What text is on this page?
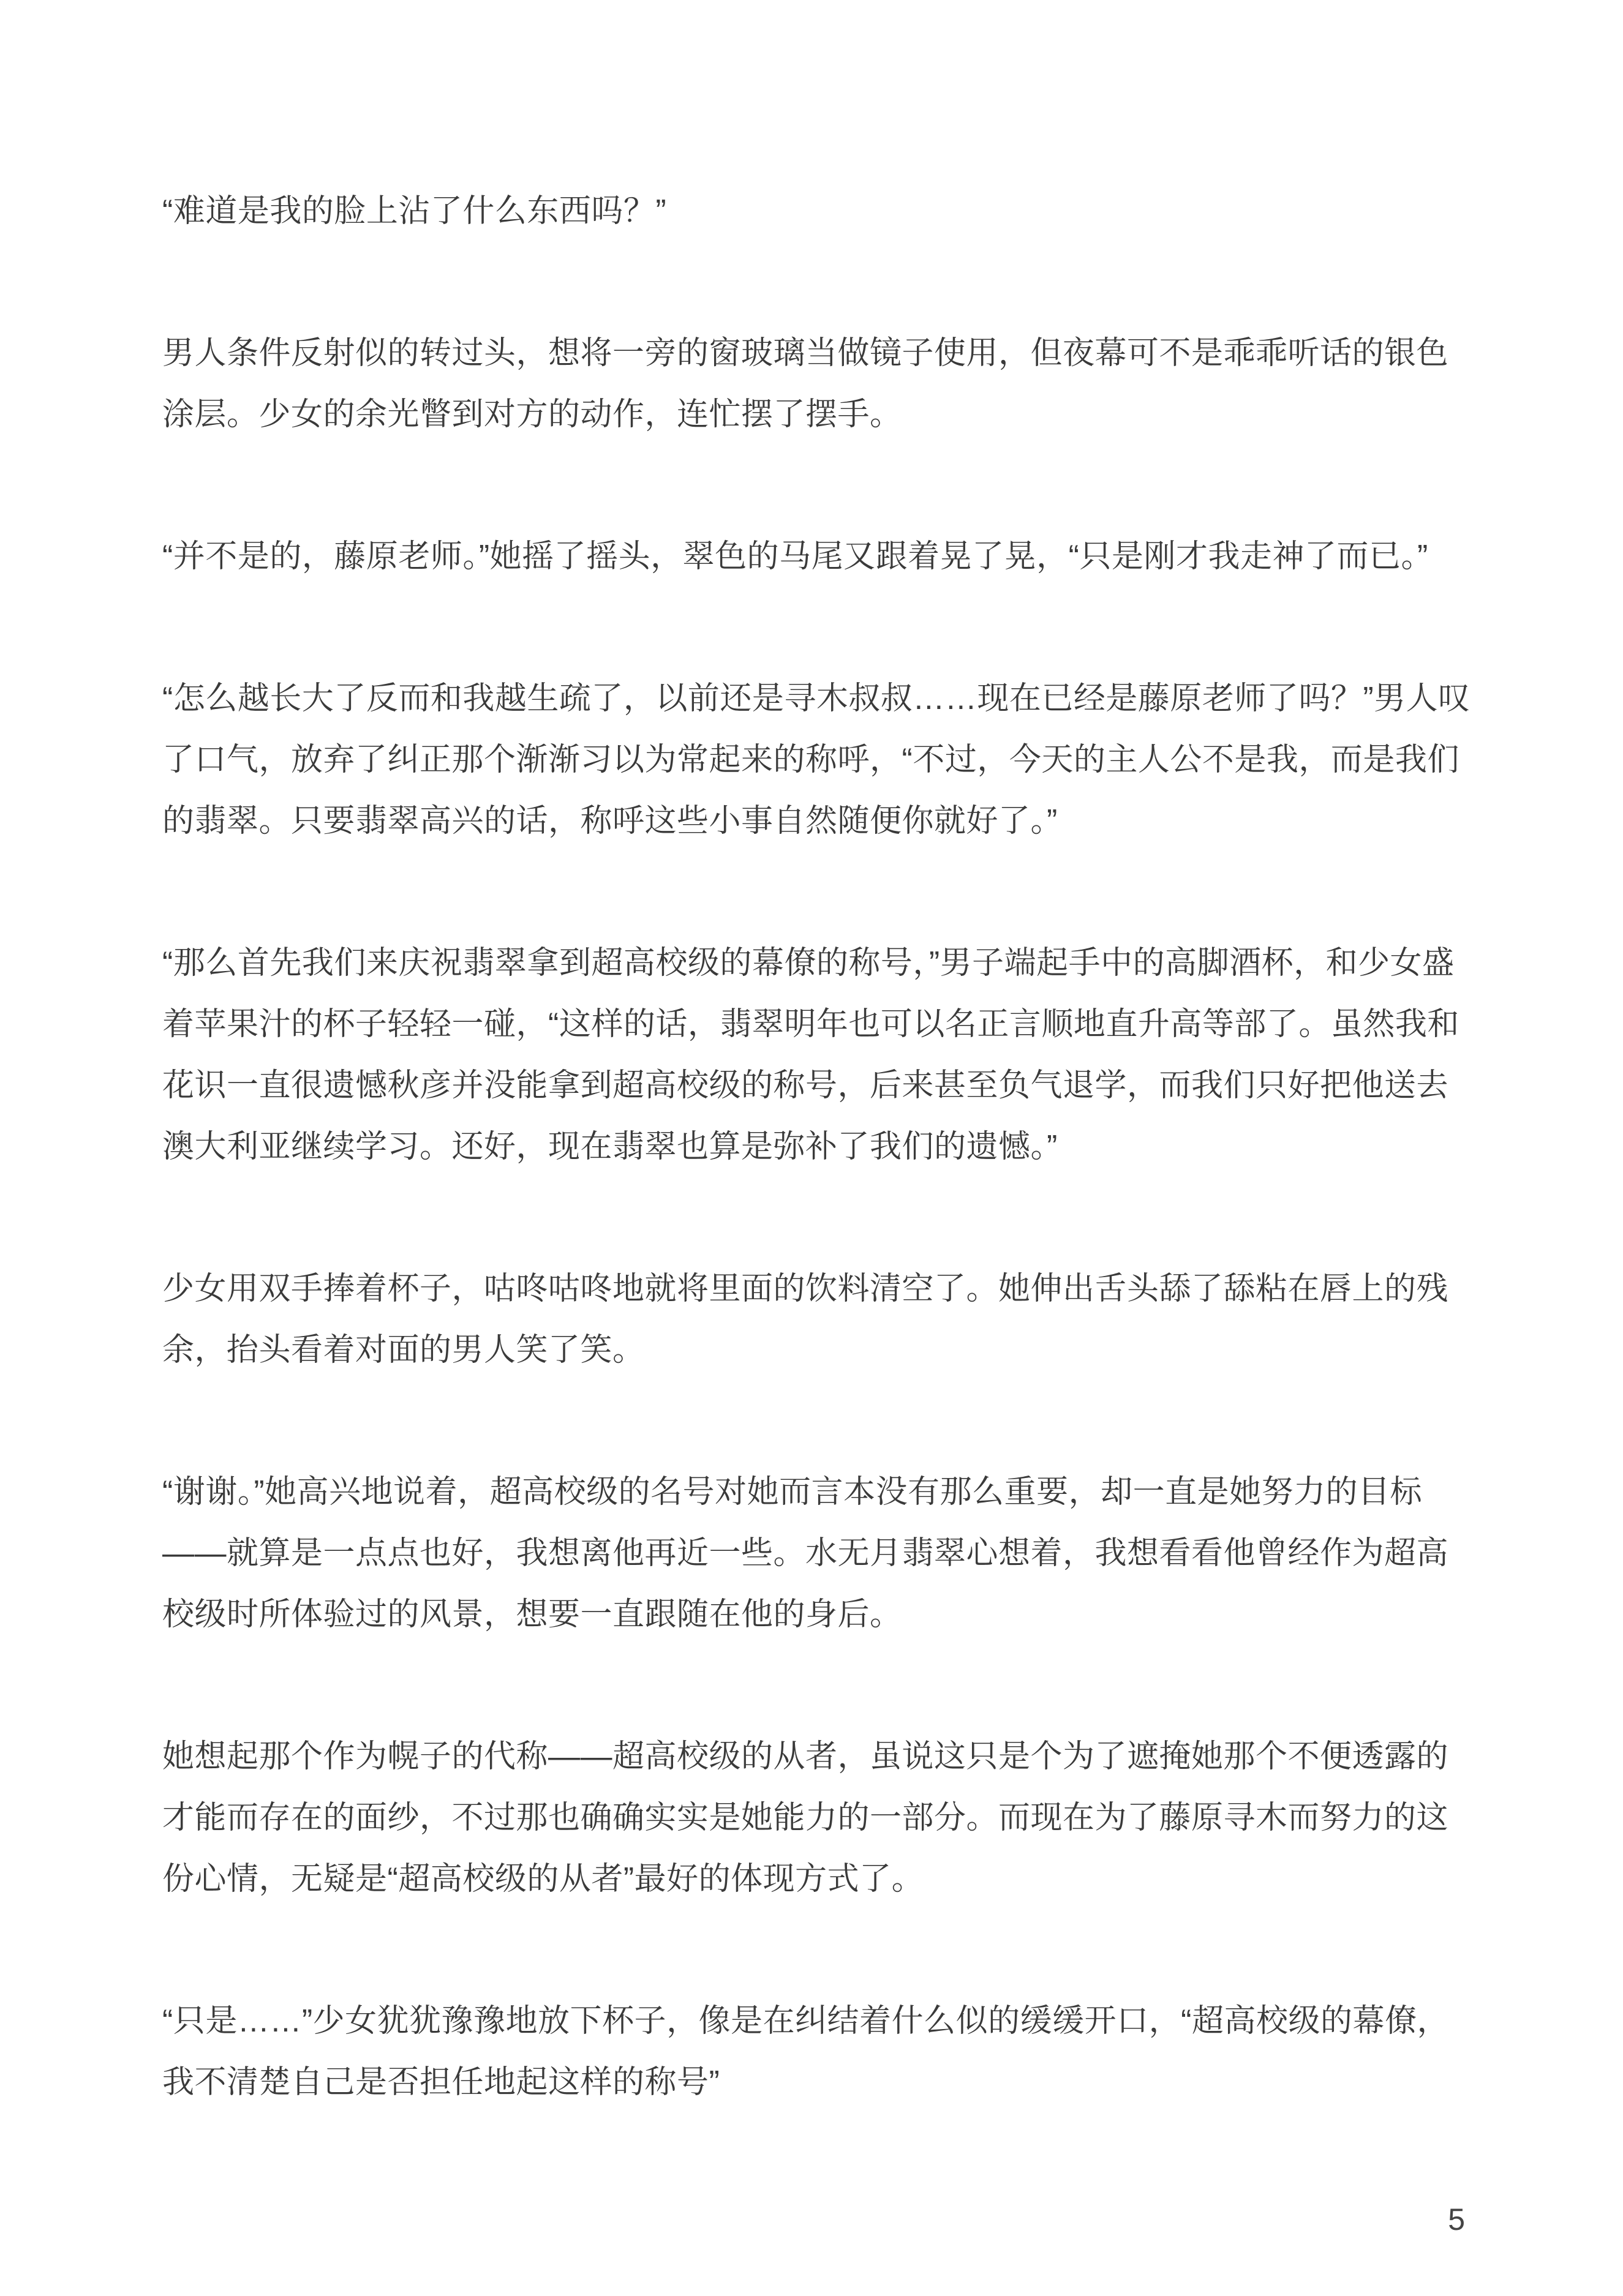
“难道是我的脸上沾了什么东西吗？”

男人条件反射似的转过头，想将一旁的窗玻璃当做镜子使用，但夜幕可不是乖乖听话的银色涂层。少女的余光瞥到对方的动作，连忙摆了摆手。

“并不是的，藤原老师。”她摇了摇头，翠色的马尾又跟着晃了晃，“只是刚才我走神了而已。”

“怎么越长大了反而和我越生疏了，以前还是寻木叔叔……现在已经是藤原老师了吗？”男人叹了口气，放弃了纠正那个渐渐习以为常起来的称呼，“不过，今天的主人公不是我，而是我们的翡翠。只要翡翠高兴的话，称呼这些小事自然随便你就好了。”

“那么首先我们来庆祝翡翠拿到超高校级的幕僚的称号，”男子端起手中的高脚酒杯，和少女盛着苹果汁的杯子轻轻一碰，“这样的话，翡翠明年也可以名正言顺地直升高等部了。虽然我和花识一直很遗憾秋彦并没能拿到超高校级的称号，后来甚至负气退学，而我们只好把他送去澳大利亚继续学习。还好，现在翡翠也算是弥补了我们的遗憾。”

少女用双手捧着杯子，咕咚咕咚地就将里面的饮料清空了。她伸出舌头舔了舔粘在唇上的残余，抬头看着对面的男人笑了笑。

“谢谢。”她高兴地说着，超高校级的名号对她而言本没有那么重要，却一直是她努力的目标——就算是一点点也好，我想离他再近一些。水无月翡翠心想着，我想看看他曾经作为超高校级时所体验过的风景，想要一直跟随在他的身后。

她想起那个作为幌子的代称——超高校级的从者，虽说这只是个为了遮掩她那个不便透露的才能而存在的面纱，不过那也确确实实是她能力的一部分。而现在为了藤原寻木而努力的这份心情，无疑是“超高校级的从者”最好的体现方式了。

“只是……”少女犹犹豫豫地放下杯子，像是在纠结着什么似的缓缓开口，“超高校级的幕僚，我不清楚自己是否担任地起这样的称号”

5
